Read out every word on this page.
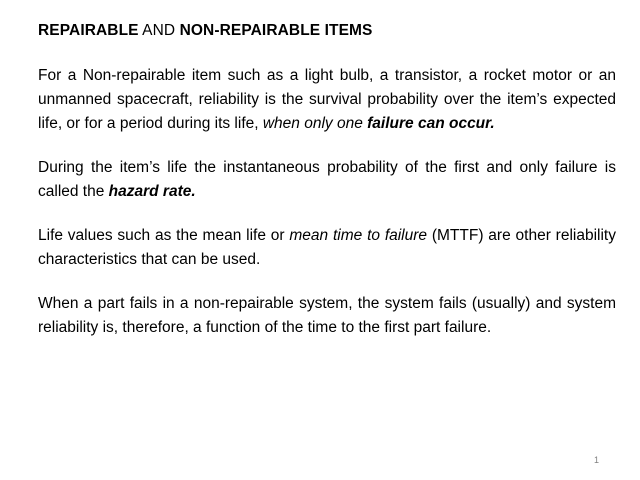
REPAIRABLE AND NON-REPAIRABLE ITEMS

For a Non-repairable item such as a light bulb, a transistor, a rocket motor or an unmanned spacecraft, reliability is the survival probability over the item’s expected life, or for a period during its life, when only one failure can occur.

During the item’s life the instantaneous probability of the first and only failure is called the hazard rate.

Life values such as the mean life or mean time to failure (MTTF) are other reliability characteristics that can be used.

When a part fails in a non-repairable system, the system fails (usually) and system reliability is, therefore, a function of the time to the first part failure.

1
